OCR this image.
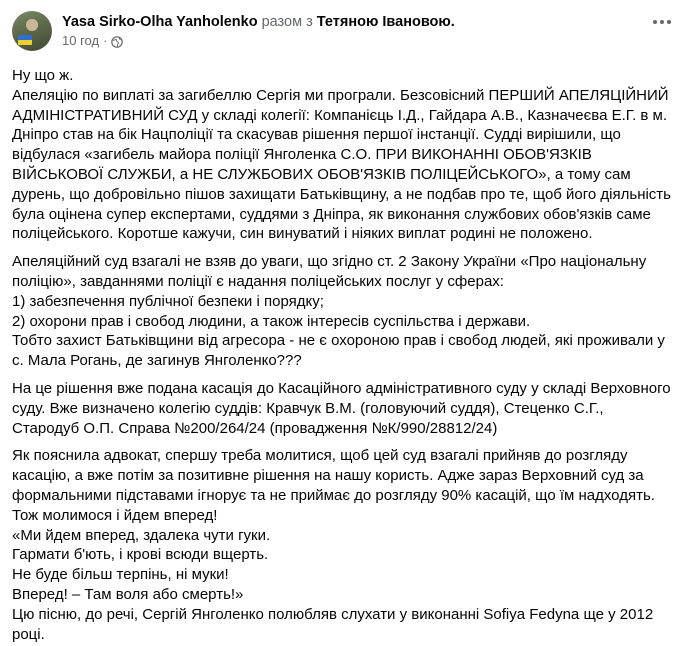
Yasa Sirko-Olha Yanholenko разом з Тетяною Івановою.
10 год ·

Ну що ж.
Апеляцію по виплаті за загибеллю Сергія ми програли. Безсовісний ПЕРШИЙ АПЕЛЯЦІЙНИЙ АДМІНІСТРАТИВНИЙ СУД у складі колегії: Компанієць І.Д., Гайдара А.В., Казначеєва Е.Г. в м. Дніпро став на бік Нацполіції та скасував рішення першої інстанції. Судді вирішили, що відбулася «загибель майора поліції Янголенка С.О. ПРИ ВИКОНАННІ ОБОВ'ЯЗКІВ ВІЙСЬКОВОЇ СЛУЖБИ, а НЕ СЛУЖБОВИХ ОБОВ'ЯЗКІВ ПОЛІЦЕЙСЬКОГО», а тому сам дурень, що добровільно пішов захищати Батьківщину, а не подбав про те, щоб його діяльність була оцінена супер експертами, суддями з Дніпра, як виконання службових обов'язків саме поліцейського. Коротше кажучи, син винуватий і ніяких виплат родині не положено.

Апеляційний суд взагалі не взяв до уваги, що згідно ст. 2 Закону України «Про національну поліцію», завданнями поліції є надання поліцейських послуг у сферах:
1) забезпечення публічної безпеки і порядку;
2) охорони прав і свобод людини, а також інтересів суспільства і держави.
Тобто захист Батьківщини від агресора - не є охороною прав і свобод людей, які проживали у с. Мала Рогань, де загинув Янголенко???

На це рішення вже подана касація до Касаційного адміністративного суду у складі Верховного суду. Вже визначено колегію суддів: Кравчук В.М. (головуючий суддя), Стеценко С.Г., Стародуб О.П. Справа №200/264/24 (провадження №К/990/28812/24)

Як пояснила адвокат, спершу треба молитися, щоб цей суд взагалі прийняв до розгляду касацію, а вже потім за позитивне рішення на нашу користь. Адже зараз Верховний суд за формальними підставами ігнорує та не приймає до розгляду 90% касацій, що їм надходять. Тож молимося і йдем вперед!
«Ми йдем вперед, здалека чути гуки.
Гармати б'ють, і крові всюди вщерть.
Не буде більш терпінь, ні муки!
Вперед! – Там воля або смерть!»
Цю пісню, до речі, Сергій Янголенко полюбляв слухати у виконанні Sofiya Fedyna ще у 2012 році.
